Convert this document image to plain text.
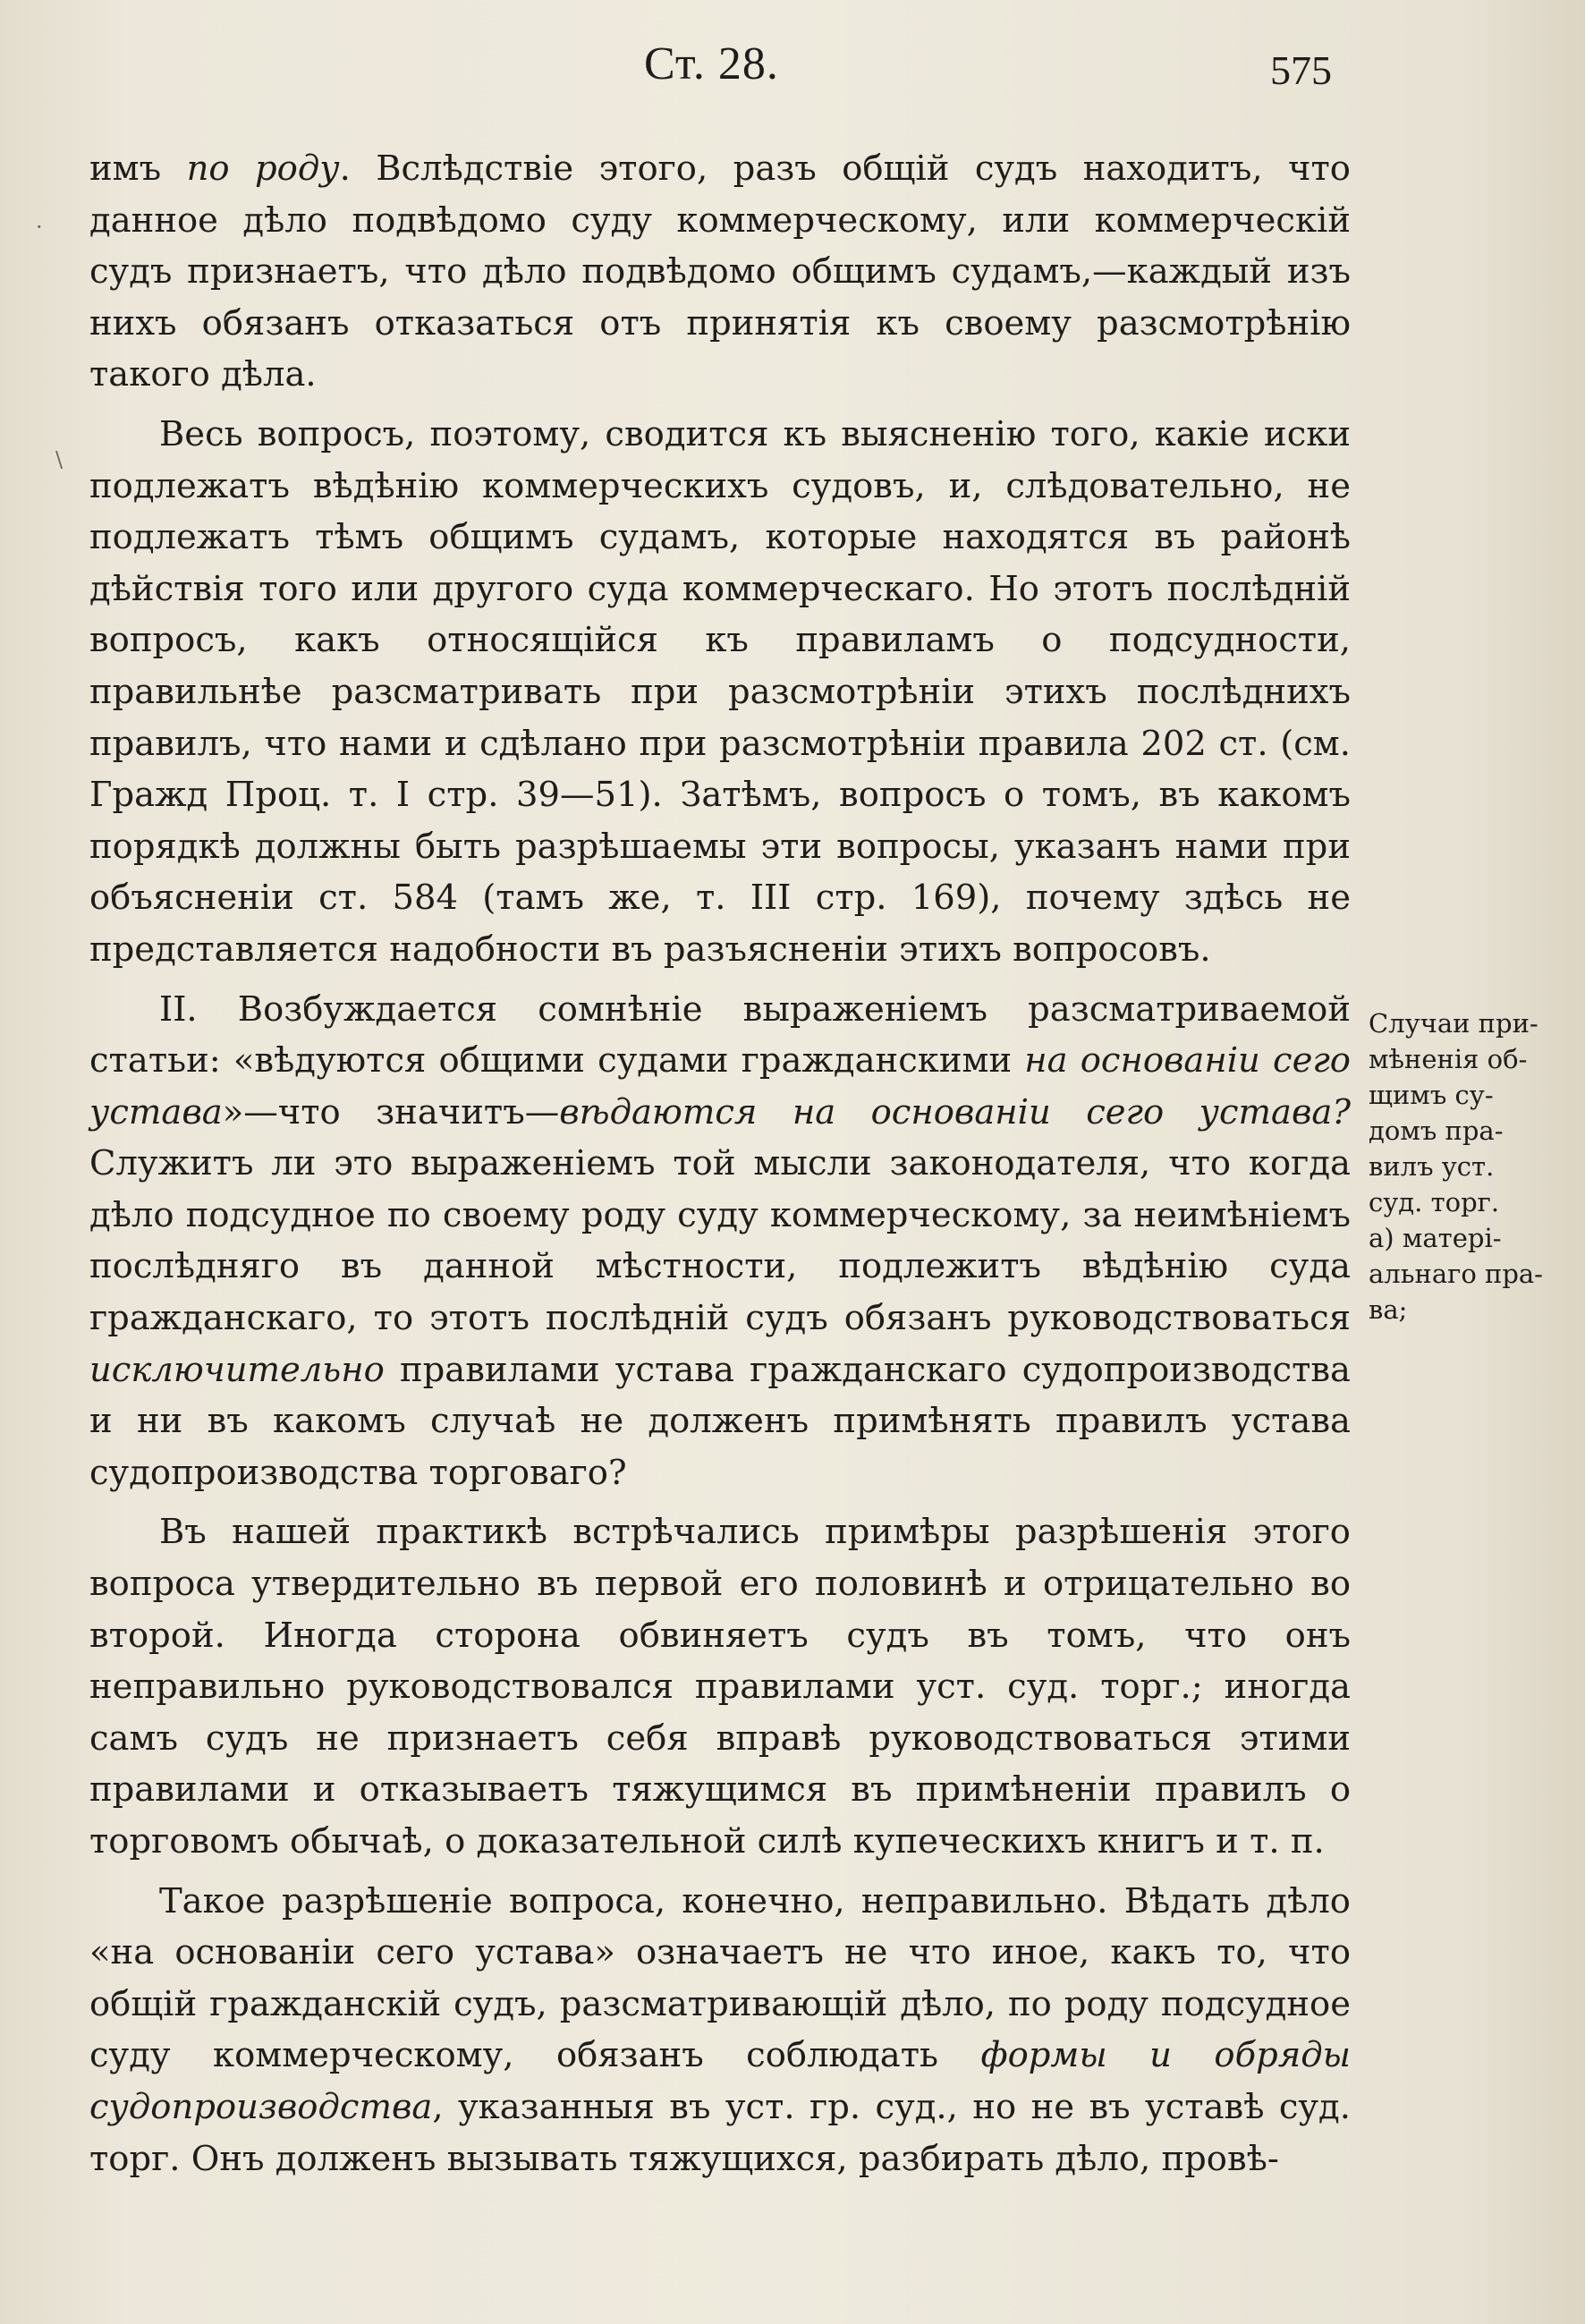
Ст. 28.	575
·
\

имъ по роду. Вслѣдствіе этого, разъ общій судъ находитъ, что данное дѣло подвѣдомо суду коммерческому, или коммерческій судъ признаетъ, что дѣло подвѣдомо общимъ судамъ,—каждый изъ нихъ обязанъ отказаться отъ принятія къ своему разсмотрѣнію такого дѣла.

Весь вопросъ, поэтому, сводится къ выясненію того, какіе иски подлежатъ вѣдѣнію коммерческихъ судовъ, и, слѣдовательно, не подлежатъ тѣмъ общимъ судамъ, которые находятся въ районѣ дѣйствія того или другого суда коммерческаго. Но этотъ послѣдній вопросъ, какъ относящійся къ правиламъ о подсудности, правильнѣе разсматривать при разсмотрѣніи этихъ послѣднихъ правилъ, что нами и сдѣлано при разсмотрѣніи правила 202 ст. (см. Гражд Проц. т. I стр. 39—51). Затѣмъ, вопросъ о томъ, въ какомъ порядкѣ должны быть разрѣшаемы эти вопросы, указанъ нами при объясненіи ст. 584 (тамъ же, т. III стр. 169), почему здѣсь не представляется надобности въ разъясненіи этихъ вопросовъ.

II. Возбуждается сомнѣніе выраженіемъ разсматриваемой статьи: «вѣдуются общими судами гражданскими на основаніи сего устава»—что значитъ—вѣдаются на основаніи сего устава? Служитъ ли это выраженіемъ той мысли законодателя, что когда дѣло подсудное по своему роду суду коммерческому, за неимѣніемъ послѣдняго въ данной мѣстности, подлежитъ вѣдѣнію суда гражданскаго, то этотъ послѣдній судъ обязанъ руководствоваться исключительно правилами устава гражданскаго судопроизводства и ни въ какомъ случаѣ не долженъ примѣнять правилъ устава судопроизводства торговаго?

Въ нашей практикѣ встрѣчались примѣры разрѣшенія этого вопроса утвердительно въ первой его половинѣ и отрицательно во второй. Иногда сторона обвиняетъ судъ въ томъ, что онъ неправильно руководствовался правилами уст. суд. торг.; иногда самъ судъ не признаетъ себя вправѣ руководствоваться этими правилами и отказываетъ тяжущимся въ примѣненіи правилъ о торговомъ обычаѣ, о доказательной силѣ купеческихъ книгъ и т. п.

Такое разрѣшеніе вопроса, конечно, неправильно. Вѣдать дѣло «на основаніи сего устава» означаетъ не что иное, какъ то, что общій гражданскій судъ, разсматривающій дѣло, по роду подсудное суду коммерческому, обязанъ соблюдать формы и обряды судопроизводства, указанныя въ уст. гр. суд., но не въ уставѣ суд. торг. Онъ долженъ вызывать тяжущихся, разбирать дѣло, провѣ-

Случаи при-
мѣненія об-
щимъ су-
домъ пра-
вилъ уст.
суд. торг.
а) матері-
альнаго пра-
ва;
